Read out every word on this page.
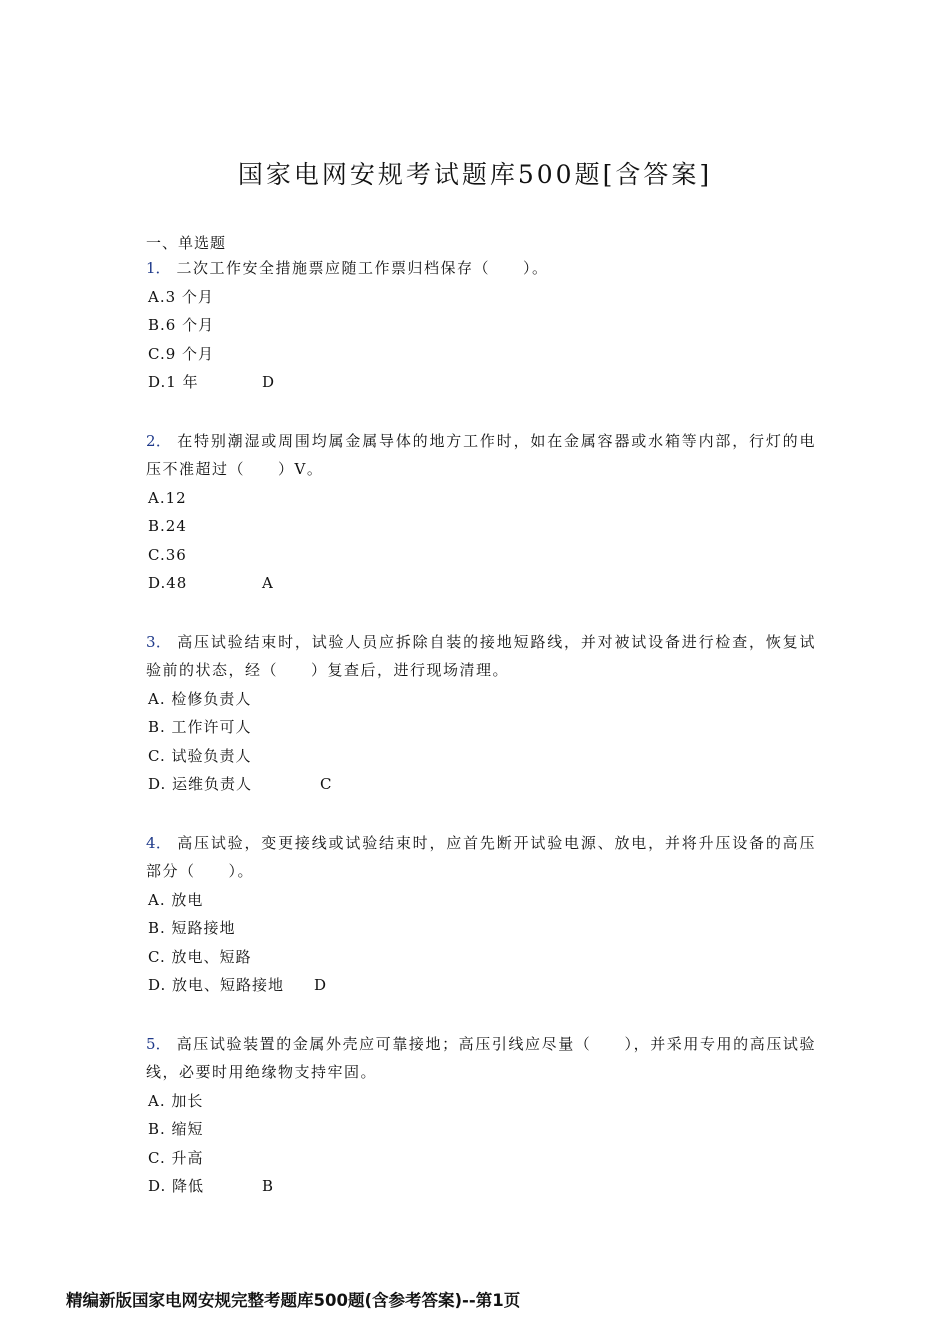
国家电网安规考试题库500题[含答案]
一、单选题
1． 二次工作安全措施票应随工作票归档保存（　　）。
A.3 个月
B.6 个月
C.9 个月
D.1 年	D
2． 在特别潮湿或周围均属金属导体的地方工作时，如在金属容器或水箱等内部，行灯的电压不准超过（　　）V。
A.12
B.24
C.36
D.48	A
3． 高压试验结束时，试验人员应拆除自装的接地短路线，并对被试设备进行检查，恢复试验前的状态，经（　　）复查后，进行现场清理。
A. 检修负责人
B. 工作许可人
C. 试验负责人
D. 运维负责人	C
4． 高压试验，变更接线或试验结束时，应首先断开试验电源、放电，并将升压设备的高压部分（　　）。
A. 放电
B. 短路接地
C. 放电、短路
D. 放电、短路接地	D
5． 高压试验装置的金属外壳应可靠接地；高压引线应尽量（　　），并采用专用的高压试验线，必要时用绝缘物支持牢固。
A. 加长
B. 缩短
C. 升高
D. 降低	B
精编新版国家电网安规完整考题库500题(含参考答案)--第1页
